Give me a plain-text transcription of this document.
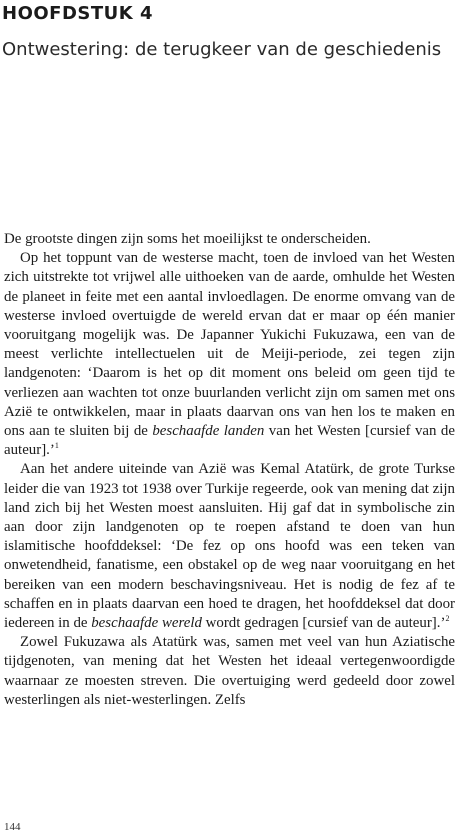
HOOFDSTUK 4
Ontwestering: de terugkeer van de geschiedenis

De grootste dingen zijn soms het moeilijkst te onderscheiden.

Op het toppunt van de westerse macht, toen de invloed van het Westen zich uitstrekte tot vrijwel alle uithoeken van de aarde, omhulde het Westen de planeet in feite met een aantal invloedlagen. De enorme omvang van de westerse invloed overtuigde de wereld ervan dat er maar op één manier vooruitgang mogelijk was. De Japanner Yukichi Fukuzawa, een van de meest verlichte intellectuelen uit de Meiji-periode, zei tegen zijn landgenoten: ‘Daarom is het op dit moment ons beleid om geen tijd te verliezen aan wachten tot onze buurlanden verlicht zijn om samen met ons Azië te ontwikkelen, maar in plaats daarvan ons van hen los te maken en ons aan te sluiten bij de beschaafde landen van het Westen [cursief van de auteur].’$^1$

Aan het andere uiteinde van Azië was Kemal Atatürk, de grote Turkse leider die van 1923 tot 1938 over Turkije regeerde, ook van mening dat zijn land zich bij het Westen moest aansluiten. Hij gaf dat in symbolische zin aan door zijn landgenoten op te roepen afstand te doen van hun islamitische hoofddeksel: ‘De fez op ons hoofd was een teken van onwetendheid, fanatisme, een obstakel op de weg naar vooruitgang en het bereiken van een modern beschavingsniveau. Het is nodig de fez af te schaffen en in plaats daarvan een hoed te dragen, het hoofddeksel dat door iedereen in de beschaafde wereld wordt gedragen [cursief van de auteur].’$^2$

Zowel Fukuzawa als Atatürk was, samen met veel van hun Aziatische tijdgenoten, van mening dat het Westen het ideaal vertegenwoordigde waarnaar ze moesten streven. Die overtuiging werd gedeeld door zowel westerlingen als niet-westerlingen. Zelfs

144
